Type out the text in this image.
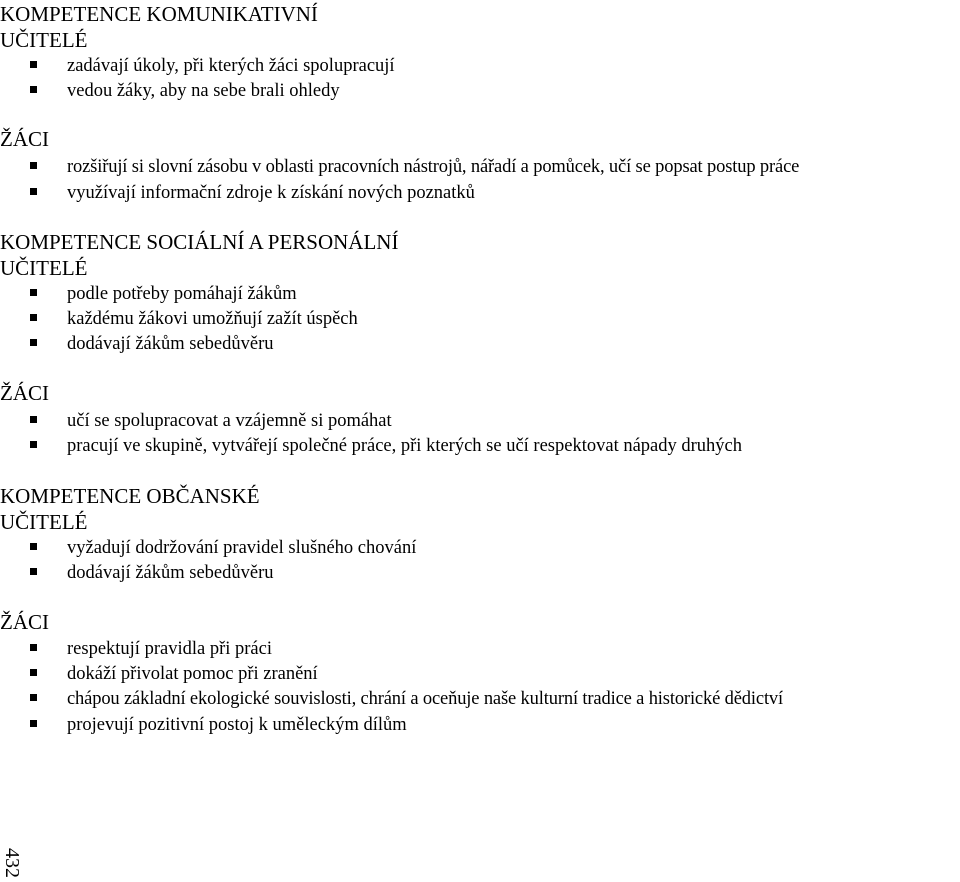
KOMPETENCE KOMUNIKATIVNÍ
UČITELÉ
zadávají úkoly, při kterých žáci spolupracují
vedou žáky, aby na sebe brali ohledy
ŽÁCI
rozšiřují si slovní zásobu v oblasti pracovních nástrojů, nářadí a pomůcek, učí se popsat postup práce
využívají informační zdroje k získání nových poznatků
KOMPETENCE SOCIÁLNÍ A PERSONÁLNÍ
UČITELÉ
podle potřeby pomáhají žákům
každému žákovi umožňují zažít úspěch
dodávají žákům sebedůvěru
ŽÁCI
učí se spolupracovat a vzájemně si pomáhat
pracují ve skupině, vytvářejí společné práce, při kterých se učí respektovat nápady druhých
KOMPETENCE OBČANSKÉ
UČITELÉ
vyžadují dodržování pravidel slušného chování
dodávají žákům sebedůvěru
ŽÁCI
respektují pravidla při práci
dokáží přivolat pomoc při zranění
chápou základní ekologické souvislosti, chrání a oceňuje naše kulturní tradice a historické dědictví
projevují pozitivní postoj k uměleckým dílům
432
